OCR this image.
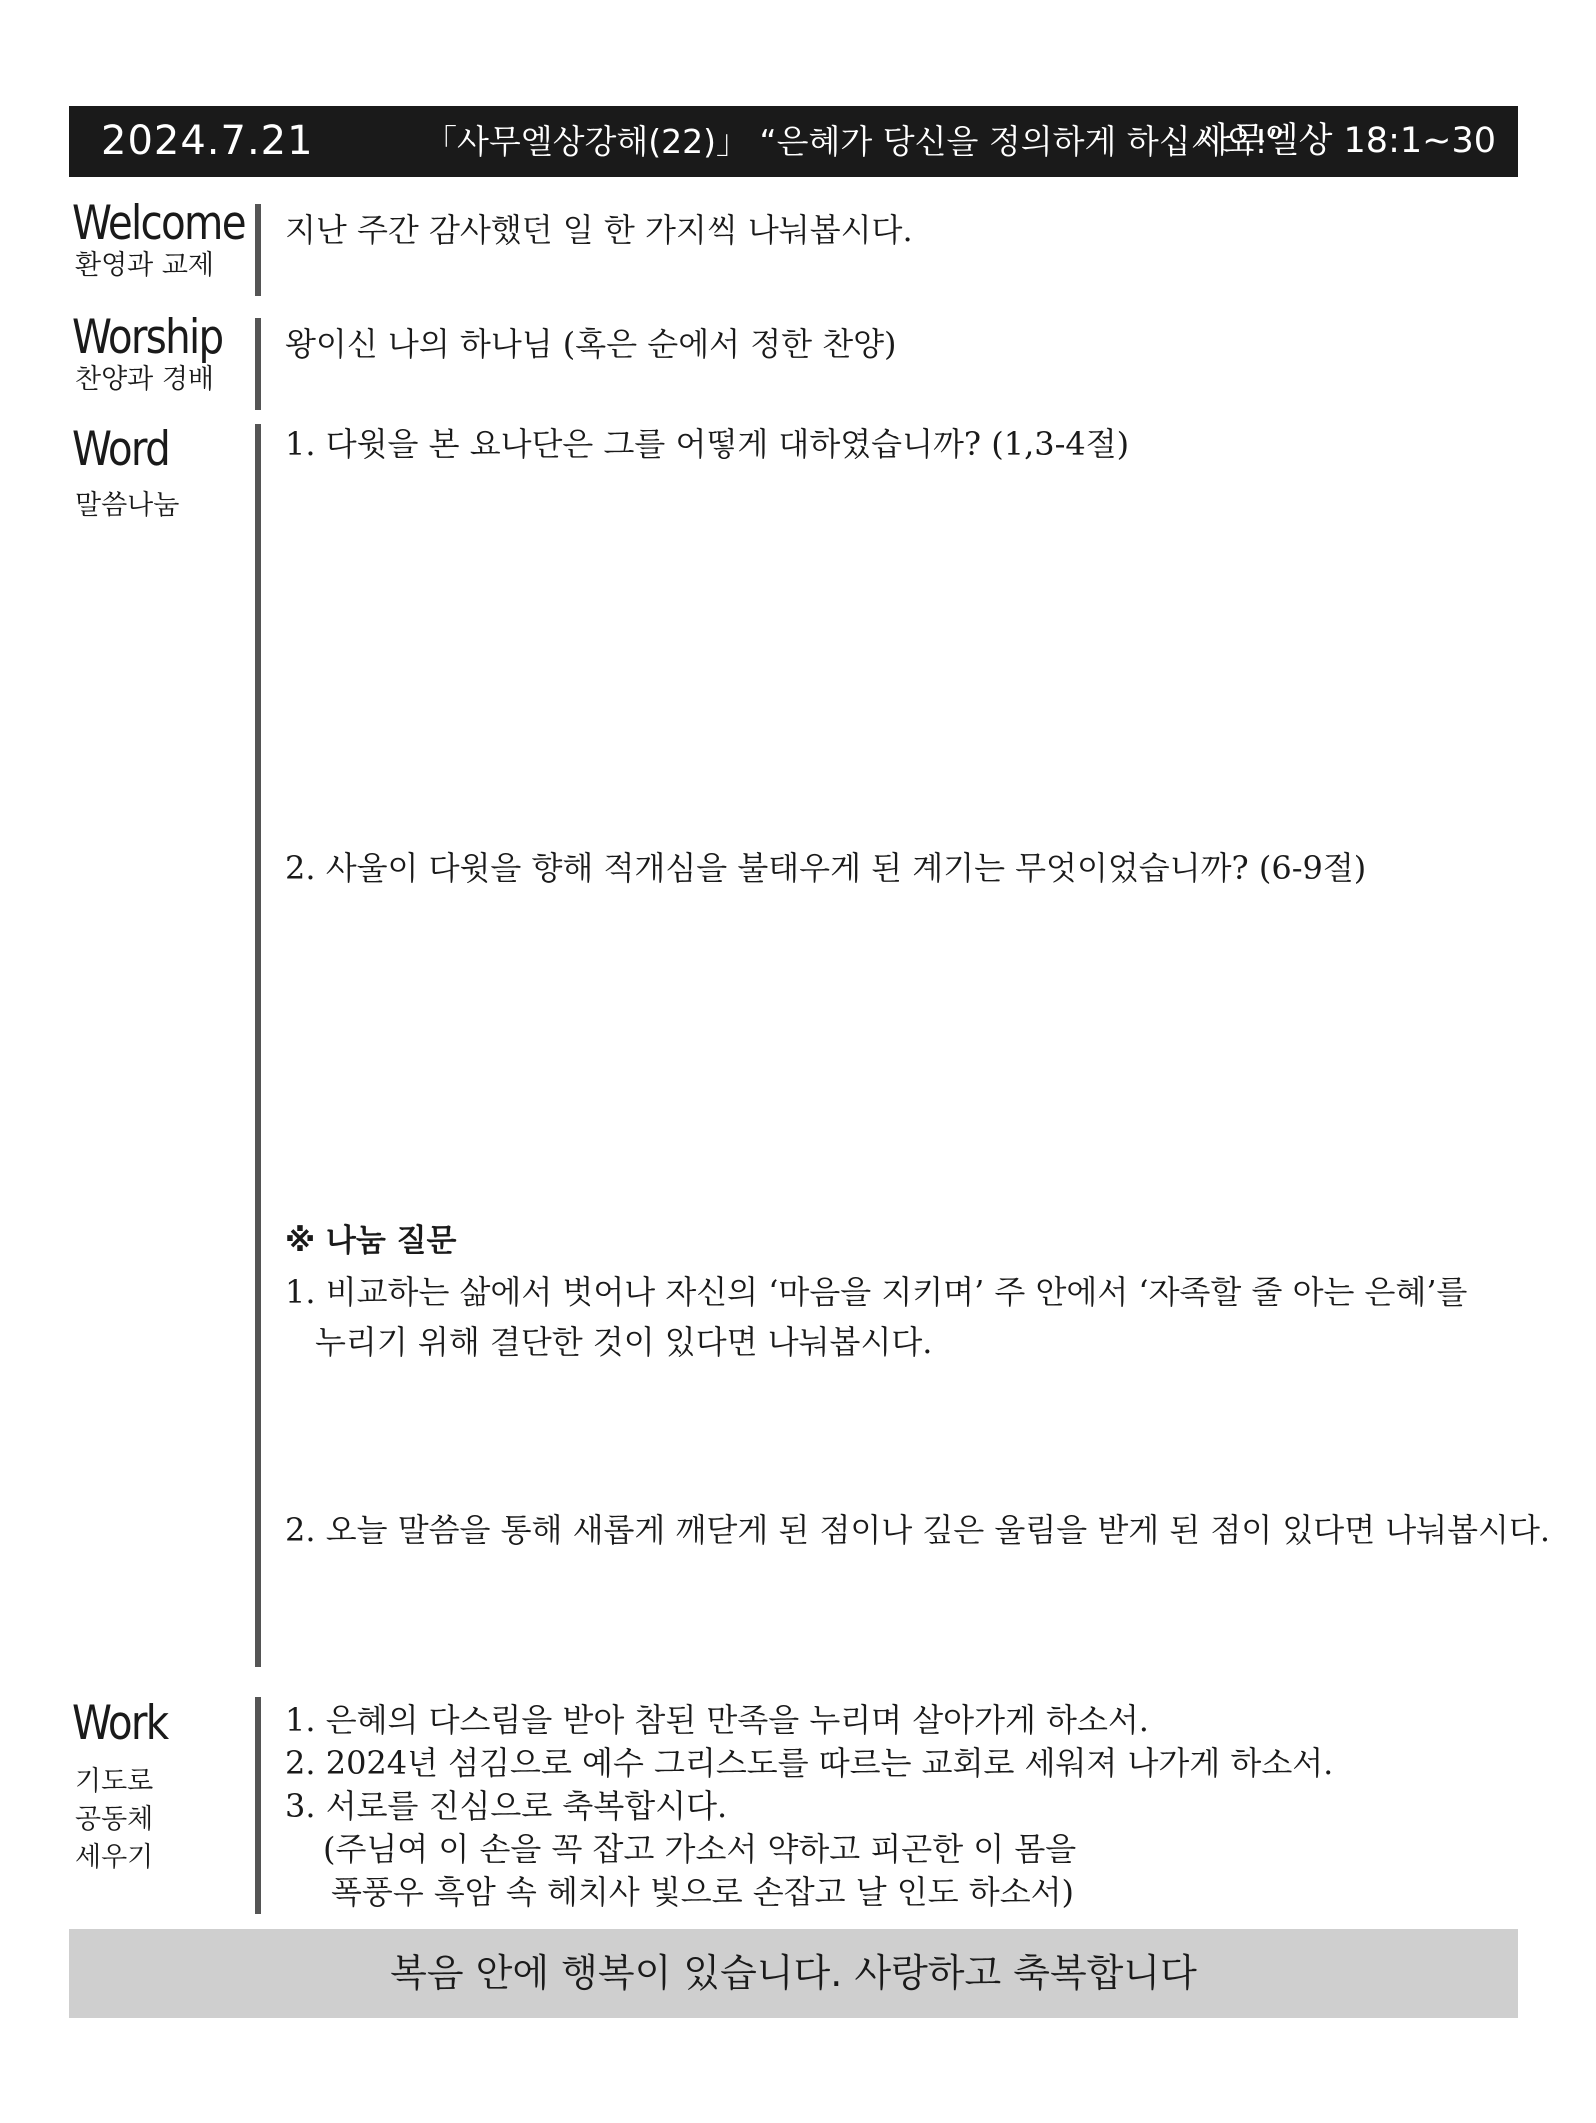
2024.7.21	「사무엘상강해(22)」 “은혜가 당신을 정의하게 하십시오!”
사무엘상 18:1~30
Welcome
환영과 교제
지난 주간 감사했던 일 한 가지씩 나눠봅시다.
Worship
찬양과 경배
왕이신 나의 하나님 (혹은 순에서 정한 찬양)
Word
말씀나눔
1. 다윗을 본 요나단은 그를 어떻게 대하였습니까? (1,3-4절)
2. 사울이 다윗을 향해 적개심을 불태우게 된 계기는 무엇이었습니까? (6-9절)
※ 나눔 질문
1. 비교하는 삶에서 벗어나 자신의 ‘마음을 지키며’ 주 안에서 ‘자족할 줄 아는 은혜’를
누리기 위해 결단한 것이 있다면 나눠봅시다.
2. 오늘 말씀을 통해 새롭게 깨닫게 된 점이나 깊은 울림을 받게 된 점이 있다면 나눠봅시다.
Work
기도로
공동체
세우기
1. 은혜의 다스림을 받아 참된 만족을 누리며 살아가게 하소서.
2. 2024년 섬김으로 예수 그리스도를 따르는 교회로 세워져 나가게 하소서.
3. 서로를 진심으로 축복합시다.
(주님여 이 손을 꼭 잡고 가소서 약하고 피곤한 이 몸을
폭풍우 흑암 속 헤치사 빛으로 손잡고 날 인도 하소서)
복음 안에 행복이 있습니다. 사랑하고 축복합니다
